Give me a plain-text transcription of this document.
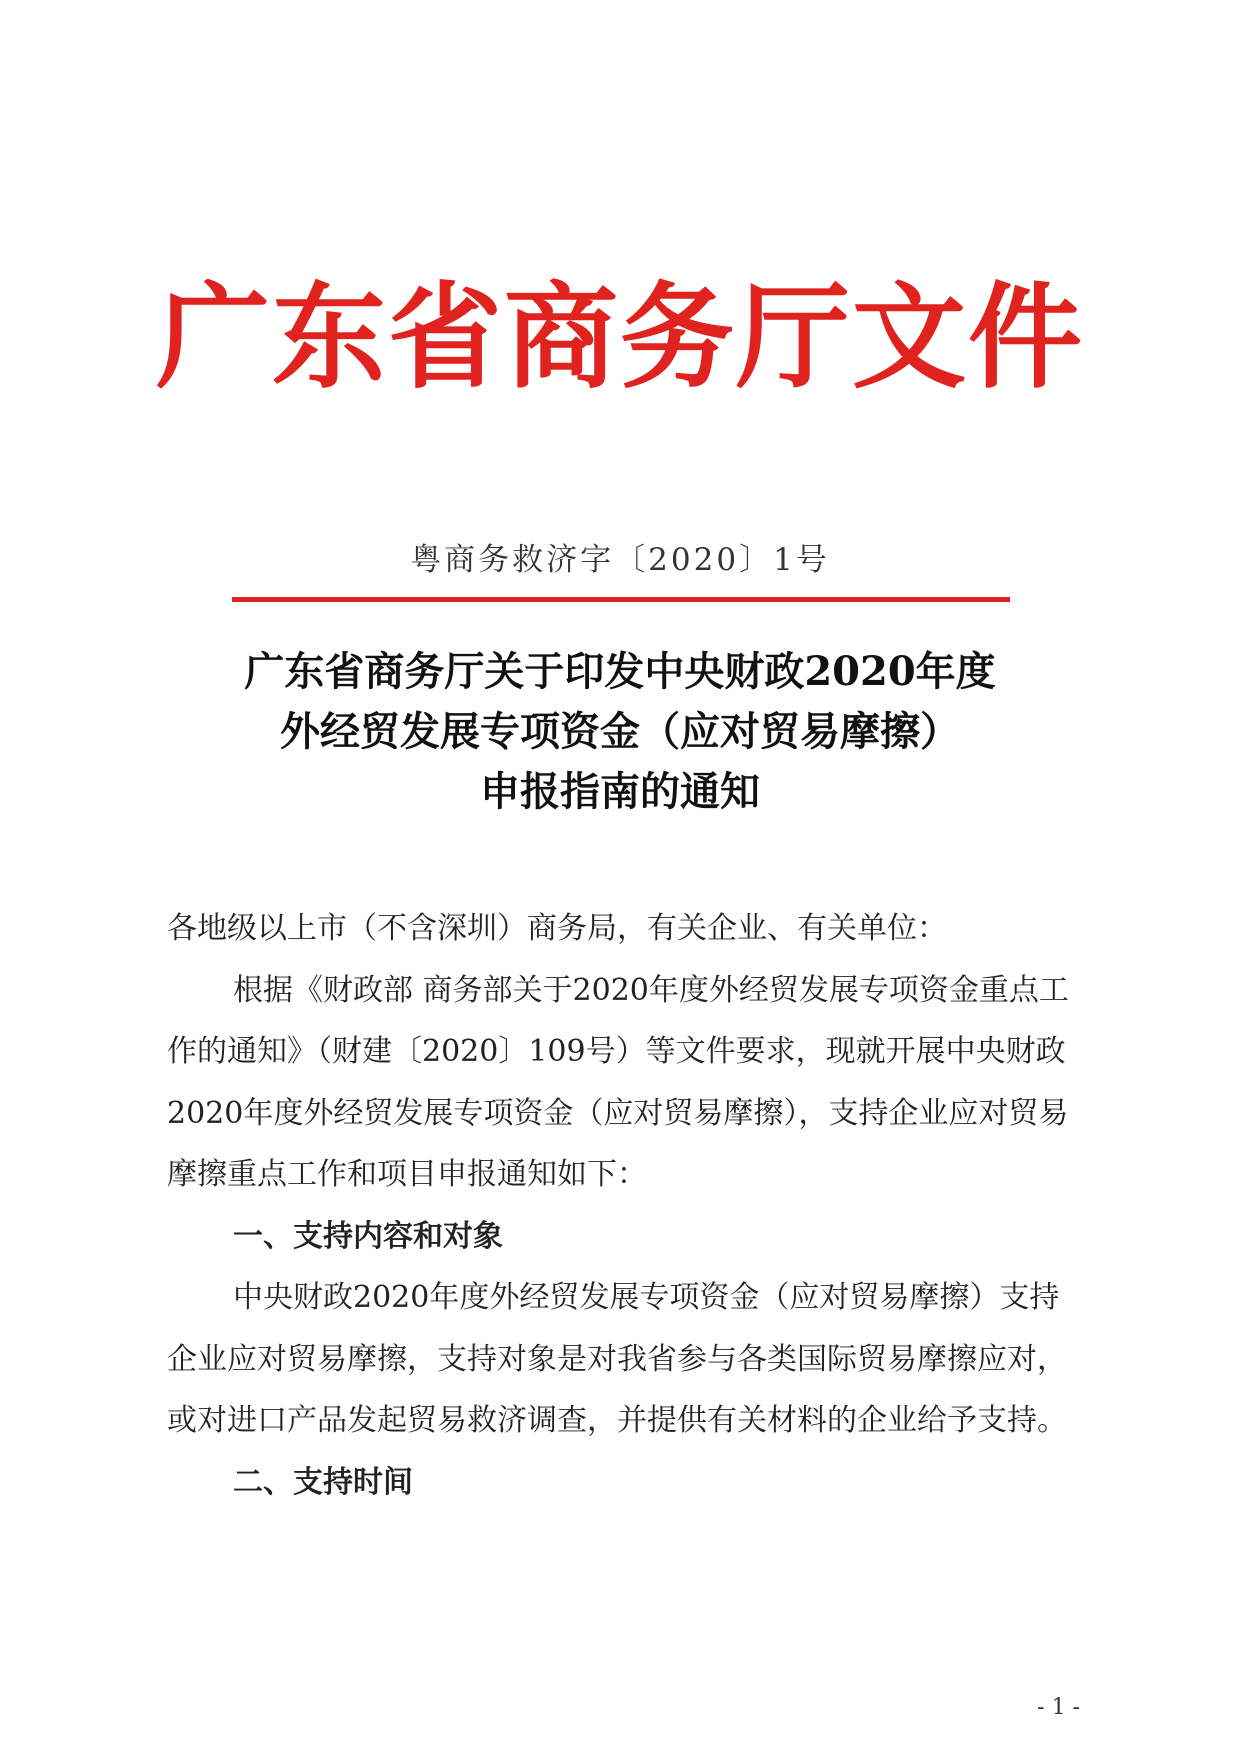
广东省商务厅文件
粤商务救济字〔2020〕1号
广东省商务厅关于印发中央财政2020年度
外经贸发展专项资金（应对贸易摩擦）
申报指南的通知

各地级以上市（不含深圳）商务局，有关企业、有关单位：

根据《财政部 商务部关于2020年度外经贸发展专项资金重点工作的通知》（财建〔2020〕109号）等文件要求，现就开展中央财政2020年度外经贸发展专项资金（应对贸易摩擦），支持企业应对贸易摩擦重点工作和项目申报通知如下：

一、支持内容和对象

中央财政2020年度外经贸发展专项资金（应对贸易摩擦）支持企业应对贸易摩擦，支持对象是对我省参与各类国际贸易摩擦应对，或对进口产品发起贸易救济调查，并提供有关材料的企业给予支持。

二、支持时间

- 1 -
